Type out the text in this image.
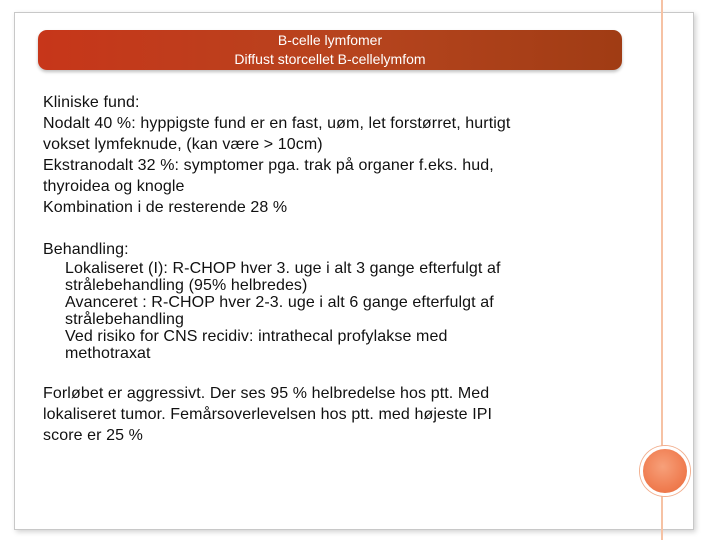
B-celle lymfomer
Diffust storcellet B-cellelymfom

Kliniske fund:

Nodalt 40 %: hyppigste fund er en fast, uøm, let forstørret, hurtigt

vokset lymfeknude, (kan være > 10cm)

Ekstranodalt 32 %: symptomer pga. trak på organer f.eks. hud,

thyroidea og knogle

Kombination i de resterende 28 %

Behandling:

Lokaliseret (I): R-CHOP hver 3. uge i alt 3 gange efterfulgt af

strålebehandling (95% helbredes)

Avanceret : R-CHOP hver 2-3. uge i alt 6 gange efterfulgt af

strålebehandling

Ved risiko for CNS recidiv: intrathecal profylakse med

methotraxat

Forløbet er aggressivt. Der ses 95 % helbredelse hos ptt. Med

lokaliseret tumor. Femårsoverlevelsen hos ptt. med højeste IPI

score er 25 %
